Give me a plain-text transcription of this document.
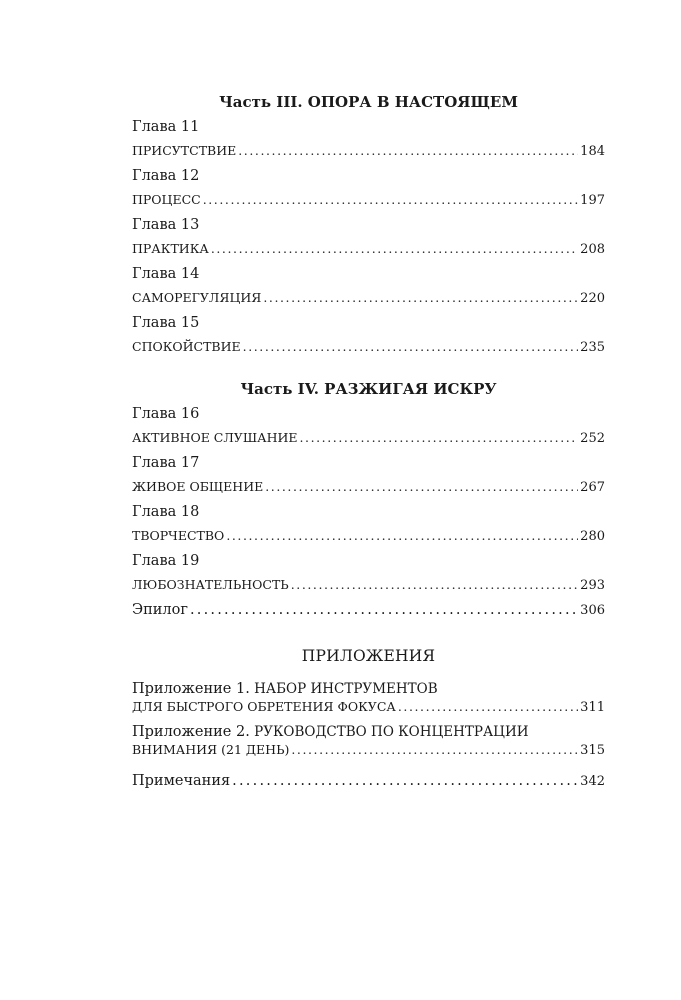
Часть III. ОПОРА В НАСТОЯЩЕМ
Глава 11
ПРИСУТСТВИЕ . . .	184
Глава 12
ПРОЦЕСС . . .	197
Глава 13
ПРАКТИКА . . .	208
Глава 14
САМОРЕГУЛЯЦИЯ . . .	220
Глава 15
СПОКОЙСТВИЕ . . .	235
Часть IV. РАЗЖИГАЯ ИСКРУ
Глава 16
АКТИВНОЕ СЛУШАНИЕ . . .	252
Глава 17
ЖИВОЕ ОБЩЕНИЕ . . .	267
Глава 18
ТВОРЧЕСТВО . . .	280
Глава 19
ЛЮБОЗНАТЕЛЬНОСТЬ . . .	293
Эпилог . . .	306
ПРИЛОЖЕНИЯ
Приложение 1. НАБОР ИНСТРУМЕНТОВ
ДЛЯ БЫСТРОГО ОБРЕТЕНИЯ ФОКУСА . . .	311
Приложение 2. РУКОВОДСТВО ПО КОНЦЕНТРАЦИИ
ВНИМАНИЯ (21 ДЕНЬ) . . .	315
Примечания . . .	342
